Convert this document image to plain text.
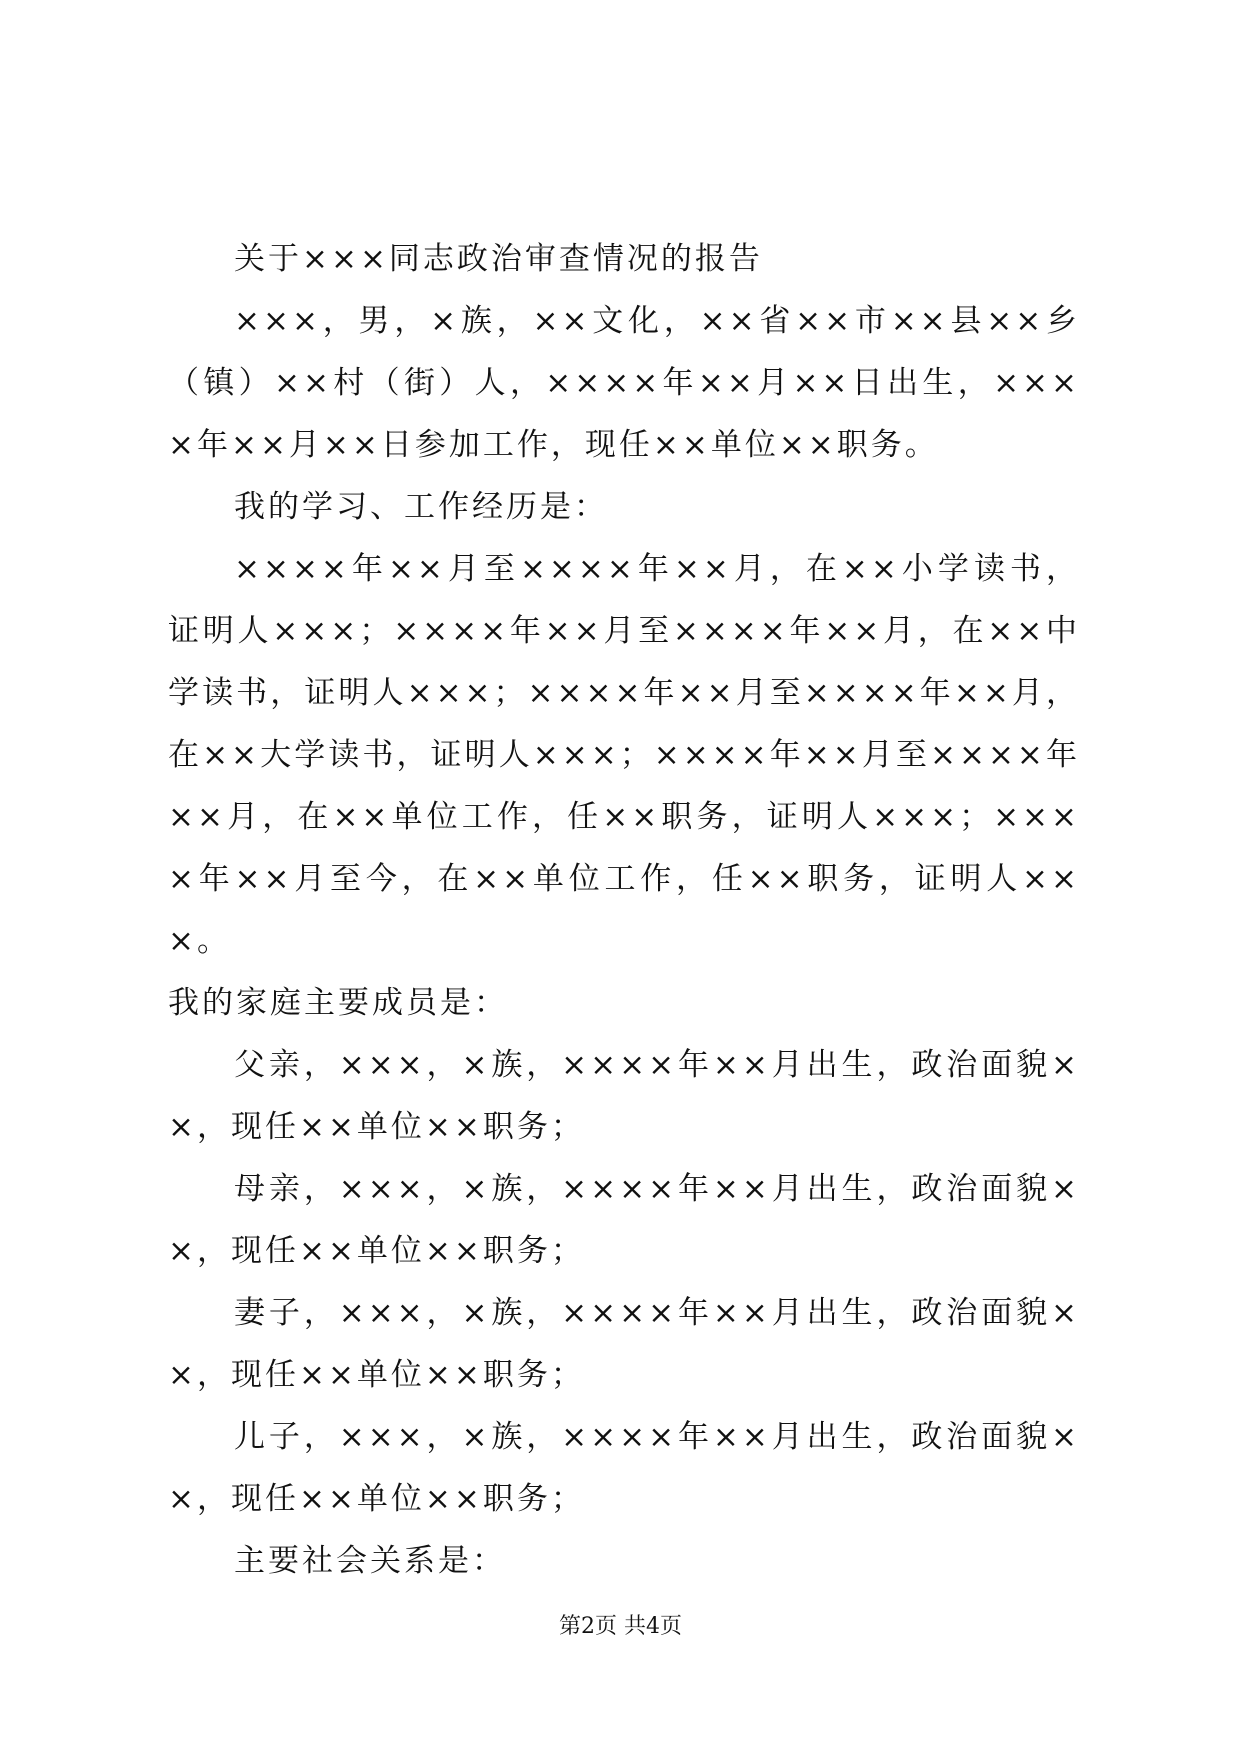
关于×××同志政治审查情况的报告

×××，男，×族，××文化，××省××市××县××乡（镇）××村（街）人，××××年××月××日出生，××××年××月××日参加工作，现任××单位××职务。

我的学习、工作经历是：

××××年××月至××××年××月，在××小学读书，证明人×××；××××年××月至××××年××月，在××中学读书，证明人×××；××××年××月至××××年××月，在××大学读书，证明人×××；××××年××月至××××年××月，在××单位工作，任××职务，证明人×××；××××年××月至今，在××单位工作，任××职务，证明人×××。

我的家庭主要成员是：

父亲，×××，×族，××××年××月出生，政治面貌××，现任××单位××职务；

母亲，×××，×族，××××年××月出生，政治面貌××，现任××单位××职务；

妻子，×××，×族，××××年××月出生，政治面貌××，现任××单位××职务；

儿子，×××，×族，××××年××月出生，政治面貌××，现任××单位××职务；

主要社会关系是：

第2页 共4页
